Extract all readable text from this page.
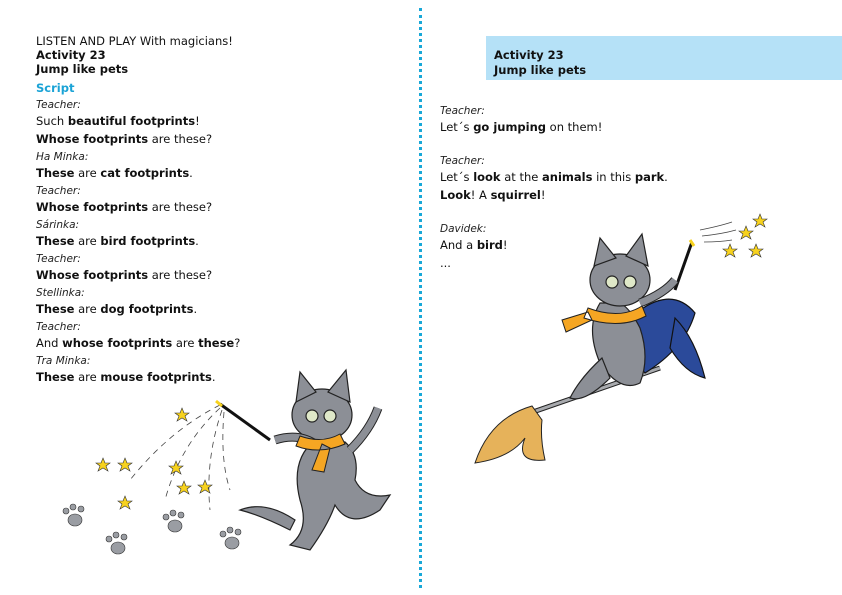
LISTEN AND PLAY With magicians!
Activity 23
Jump like pets
Script
Teacher:
Such beautiful footprints!
Whose footprints are these?
Ha Minka:
These are cat footprints.
Teacher:
Whose footprints are these?
Sárinka:
These are bird footprints.
Teacher:
Whose footprints are these?
Stellinka:
These are dog footprints.
Teacher:
And whose footprints are these?
Tra Minka:
These are mouse footprints.
Activity 23
Jump like pets
Teacher:
Let´s go jumping on them!
Teacher:
Let´s look at the animals in this park.
Look! A squirrel!
Davidek:
And a bird!
...
